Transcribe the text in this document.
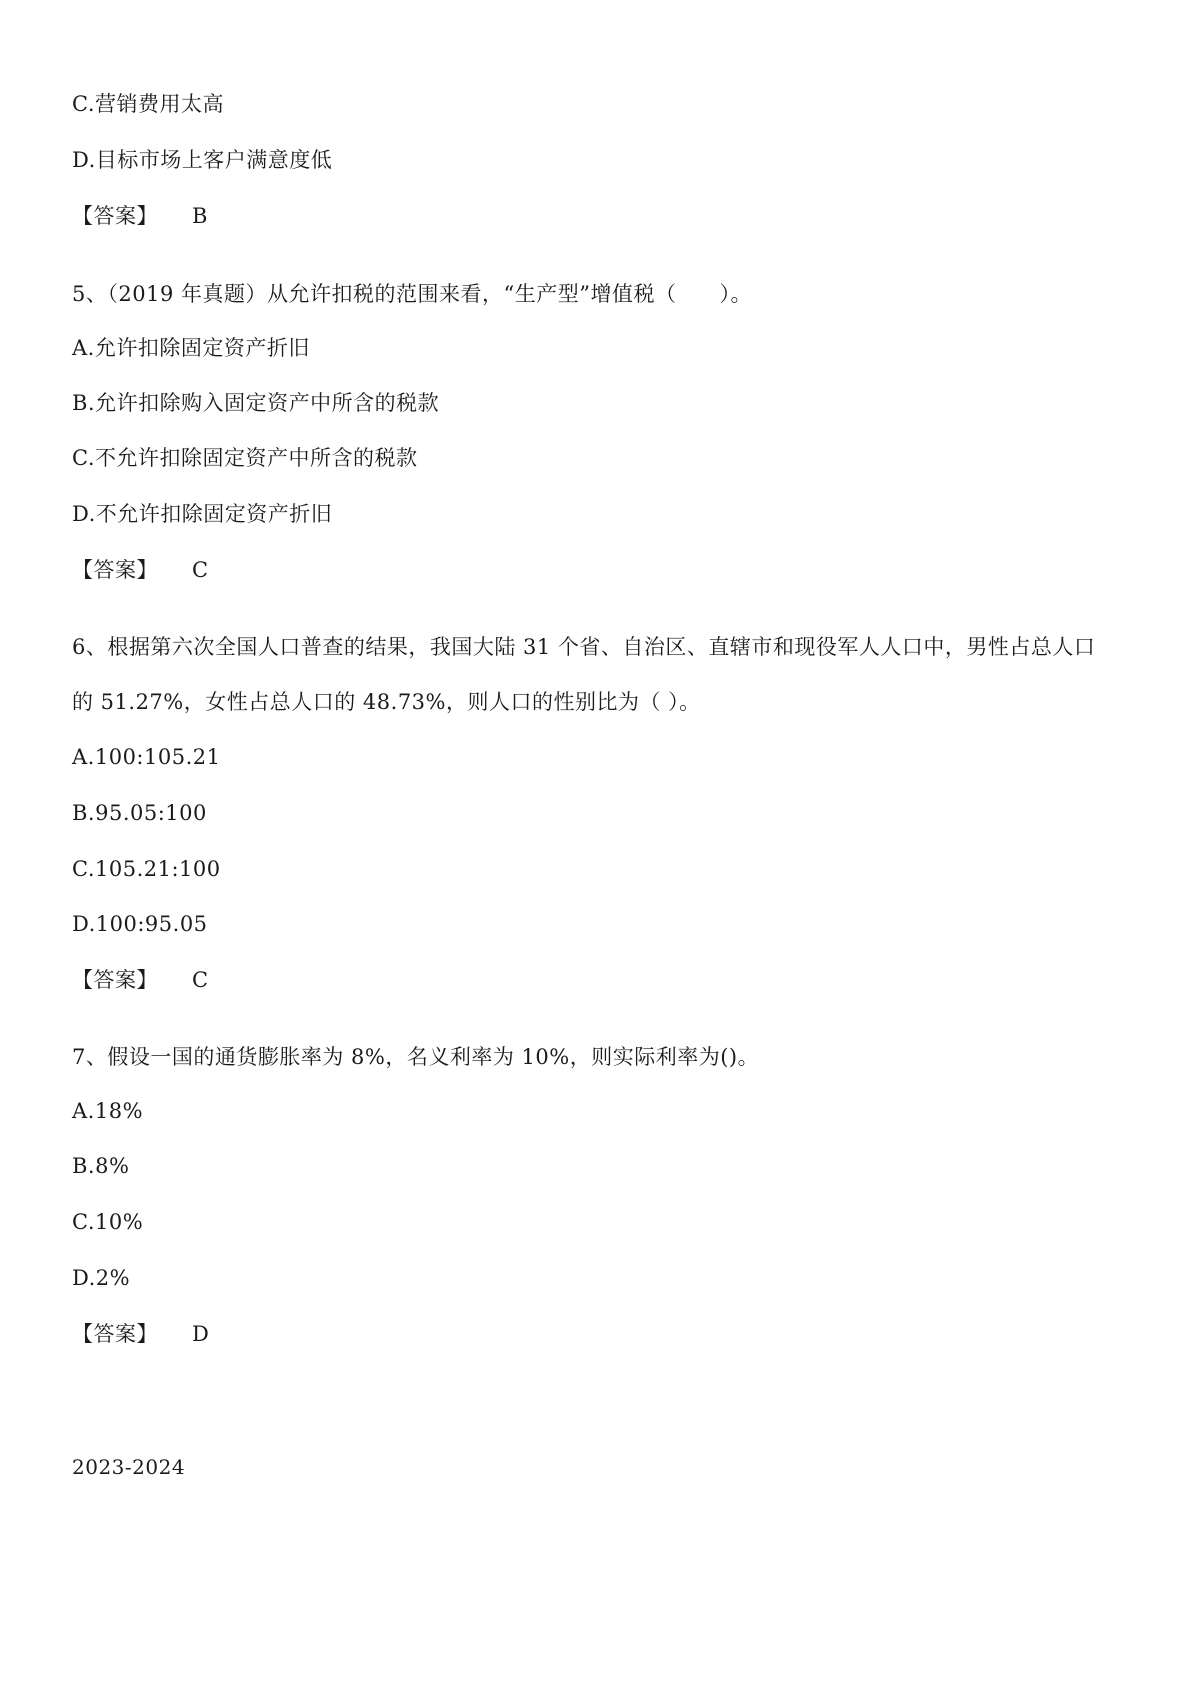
C.营销费用太高
D.目标市场上客户满意度低
【答案】 B
5、（2019 年真题）从允许扣税的范围来看，“生产型”增值税（　　）。
A.允许扣除固定资产折旧
B.允许扣除购入固定资产中所含的税款
C.不允许扣除固定资产中所含的税款
D.不允许扣除固定资产折旧
【答案】 C
6、根据第六次全国人口普查的结果，我国大陆 31 个省、自治区、直辖市和现役军人人口中，男性占总人口
的 51.27%，女性占总人口的 48.73%，则人口的性别比为（ ）。
A.100:105.21
B.95.05:100
C.105.21:100
D.100:95.05
【答案】 C
7、假设一国的通货膨胀率为 8%，名义利率为 10%，则实际利率为()。
A.18%
B.8%
C.10%
D.2%
【答案】 D
2023-2024
